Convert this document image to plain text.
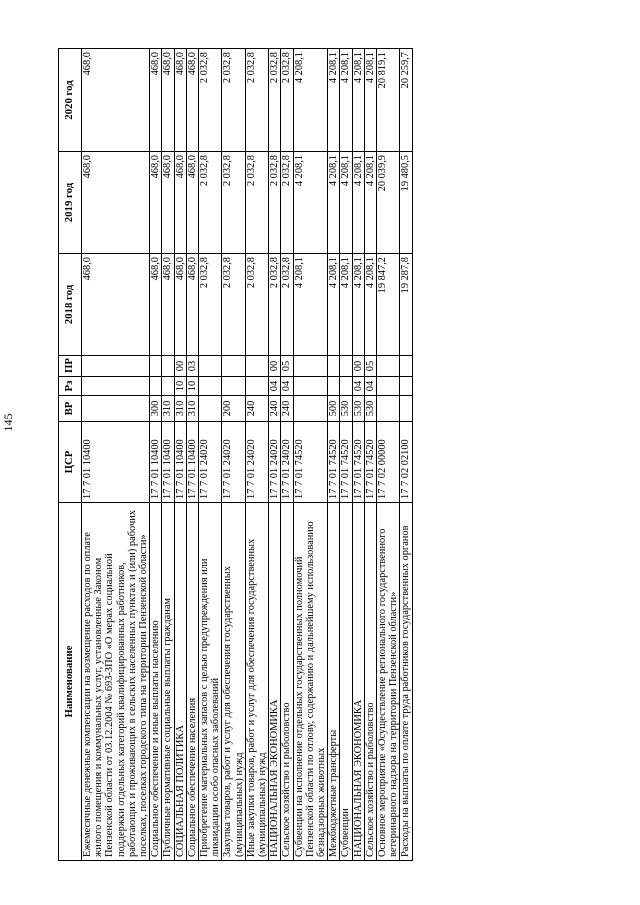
145
Наименование	ЦСР	ВР	Рз	ПР	2018 год	2019 год	2020 год
Ежемесячные денежные компенсации на возмещение расходов по оплате жилого помещения и коммунальных услуг, установленные Законом Пензенской области от 03.12.2004 № 693-ЗПО «О мерах социальной поддержки отдельных категорий квалифицированных работников, работающих и проживающих в сельских населенных пунктах и (или) рабочих поселках, поселках городского типа на территории Пензенской области»	17 7 01 10400				468,0	468,0	468,0
Социальное обеспечение и иные выплаты населению	17 7 01 10400	300			468,0	468,0	468,0
Публичные нормативные социальные выплаты гражданам	17 7 01 10400	310			468,0	468,0	468,0
СОЦИАЛЬНАЯ ПОЛИТИКА	17 7 01 10400	310	10	00	468,0	468,0	468,0
Социальное обеспечение населения	17 7 01 10400	310	10	03	468,0	468,0	468,0
Приобретение материальных запасов с целью предупреждения или ликвидации особо опасных заболеваний	17 7 01 24020				2 032,8	2 032,8	2 032,8
Закупка товаров, работ и услуг для обеспечения государственных (муниципальных) нужд	17 7 01 24020	200			2 032,8	2 032,8	2 032,8
Иные закупки товаров, работ и услуг для обеспечения государственных (муниципальных) нужд	17 7 01 24020	240			2 032,8	2 032,8	2 032,8
НАЦИОНАЛЬНАЯ ЭКОНОМИКА	17 7 01 24020	240	04	00	2 032,8	2 032,8	2 032,8
Сельское хозяйство и рыболовство	17 7 01 24020	240	04	05	2 032,8	2 032,8	2 032,8
Субвенции на исполнение отдельных государственных полномочий Пензенской области по отлову, содержанию и дальнейшему использованию безнадзорных животных	17 7 01 74520				4 208,1	4 208,1	4 208,1
Межбюджетные трансферты	17 7 01 74520	500			4 208,1	4 208,1	4 208,1
Субвенции	17 7 01 74520	530			4 208,1	4 208,1	4 208,1
НАЦИОНАЛЬНАЯ ЭКОНОМИКА	17 7 01 74520	530	04	00	4 208,1	4 208,1	4 208,1
Сельское хозяйство и рыболовство	17 7 01 74520	530	04	05	4 208,1	4 208,1	4 208,1
Основное мероприятие «Осуществление регионального государственного ветеринарного надзора на территории Пензенской области»	17 7 02 00000				19 847,2	20 039,9	20 819,1
Расходы на выплаты по оплате труда работников государственных органов	17 7 02 02100				19 287,8	19 480,5	20 259,7
